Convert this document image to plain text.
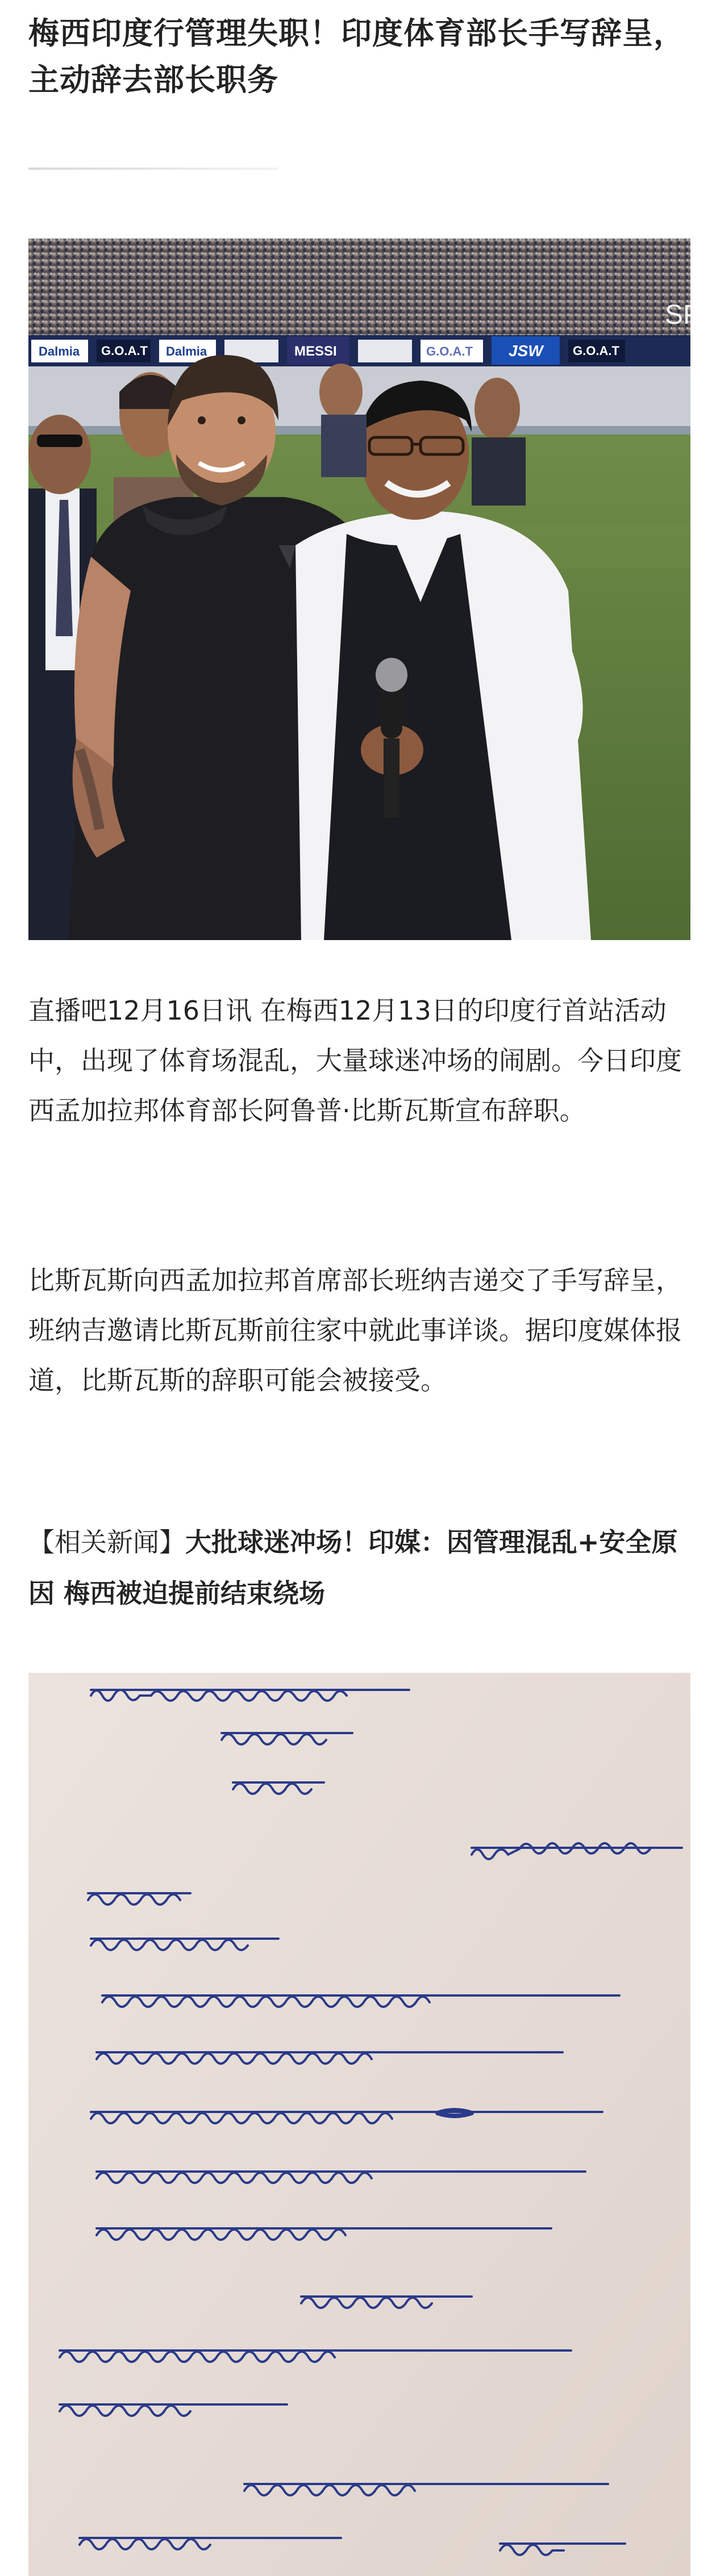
梅西印度行管理失职！印度体育部长手写辞呈，主动辞去部长职务
Dalmia G.O.A.T Dalmia	MESSI	G.O.A.T JSW G.O.A.T
SP

直播吧12月16日讯 在梅西12月13日的印度行首站活动中，出现了体育场混乱，大量球迷冲场的闹剧。今日印度西孟加拉邦体育部长阿鲁普·比斯瓦斯宣布辞职。

比斯瓦斯向西孟加拉邦首席部长班纳吉递交了手写辞呈，班纳吉邀请比斯瓦斯前往家中就此事详谈。据印度媒体报道，比斯瓦斯的辞职可能会被接受。

【相关新闻】大批球迷冲场！印媒：因管理混乱+安全原因 梅西被迫提前结束绕场
